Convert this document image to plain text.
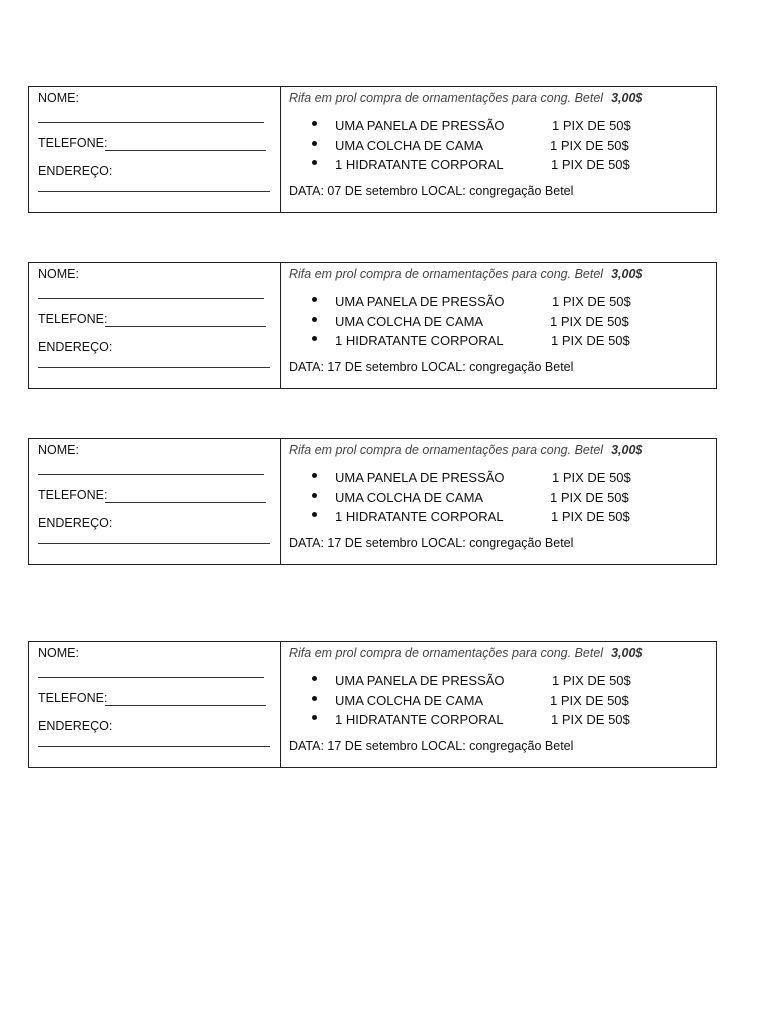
NOME:
TELEFONE:
ENDEREÇO:
Rifa em prol compra de ornamentações para cong. Betel 3,00$
UMA PANELA DE PRESSÃO	1 PIX DE 50$
UMA COLCHA DE CAMA	1 PIX DE 50$
1 HIDRATANTE CORPORAL	1 PIX DE 50$
DATA: 07 DE setembro LOCAL: congregação Betel
NOME:
TELEFONE:
ENDEREÇO:
Rifa em prol compra de ornamentações para cong. Betel 3,00$
UMA PANELA DE PRESSÃO	1 PIX DE 50$
UMA COLCHA DE CAMA	1 PIX DE 50$
1 HIDRATANTE CORPORAL	1 PIX DE 50$
DATA: 17 DE setembro LOCAL: congregação Betel
NOME:
TELEFONE:
ENDEREÇO:
Rifa em prol compra de ornamentações para cong. Betel 3,00$
UMA PANELA DE PRESSÃO	1 PIX DE 50$
UMA COLCHA DE CAMA	1 PIX DE 50$
1 HIDRATANTE CORPORAL	1 PIX DE 50$
DATA: 17 DE setembro LOCAL: congregação Betel
NOME:
TELEFONE:
ENDEREÇO:
Rifa em prol compra de ornamentações para cong. Betel 3,00$
UMA PANELA DE PRESSÃO	1 PIX DE 50$
UMA COLCHA DE CAMA	1 PIX DE 50$
1 HIDRATANTE CORPORAL	1 PIX DE 50$
DATA: 17 DE setembro LOCAL: congregação Betel
